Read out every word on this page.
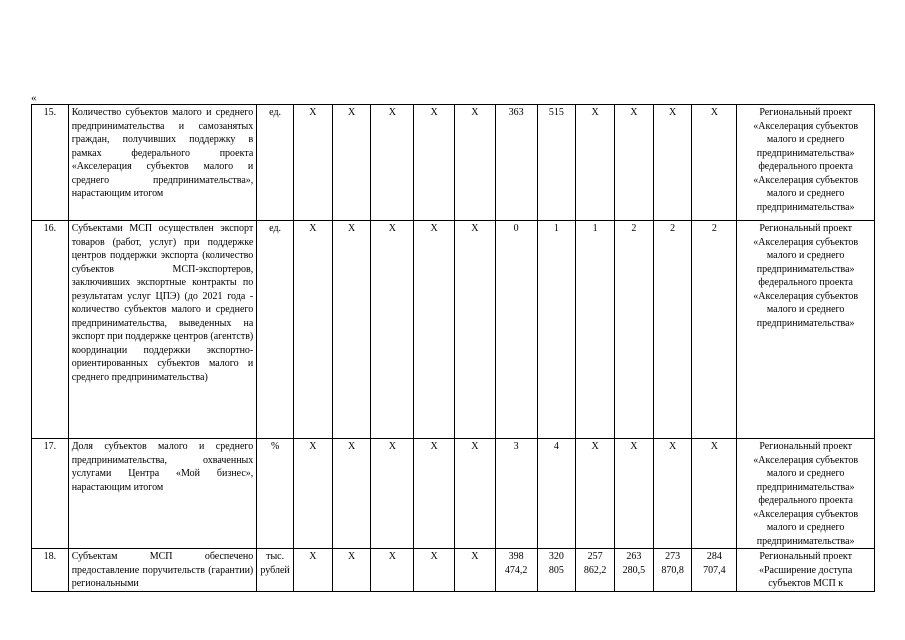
«
15.	Количество субъектов малого и среднего предпринимательства и самозанятых граждан, получивших поддержку в рамках федерального проекта «Акселерация субъектов малого и среднего предпринимательства», нарастающим итогом	ед.	Х	Х	Х	Х	Х	363	515	Х	Х	Х	Х	Региональный проект «Акселерация субъектов малого и среднего предпринимательства» федерального проекта «Акселерация субъектов малого и среднего предпринимательства»
16.	Субъектами МСП осуществлен экспорт товаров (работ, услуг) при поддержке центров поддержки экспорта (количество субъектов МСП-экспортеров, заключивших экспортные контракты по результатам услуг ЦПЭ) (до 2021 года - количество субъектов малого и среднего предпринимательства, выведенных на экспорт при поддержке центров (агентств) координации поддержки экспортно-ориентированных субъектов малого и среднего предпринимательства)	ед.	Х	Х	Х	Х	Х	0	1	1	2	2	2	Региональный проект «Акселерация субъектов малого и среднего предпринимательства» федерального проекта «Акселерация субъектов малого и среднего предпринимательства»
17.	Доля субъектов малого и среднего предпринимательства, охваченных услугами Центра «Мой бизнес», нарастающим итогом	%	Х	Х	Х	Х	Х	3	4	Х	Х	Х	Х	Региональный проект «Акселерация субъектов малого и среднего предпринимательства» федерального проекта «Акселерация субъектов малого и среднего предпринимательства»
18.	Субъектам МСП обеспечено предоставление поручительств (гарантии) региональными	тыс. рублей	Х	Х	Х	Х	Х	398 474,2	320 805	257 862,2	263 280,5	273 870,8	284 707,4	Региональный проект «Расширение доступа субъектов МСП к
